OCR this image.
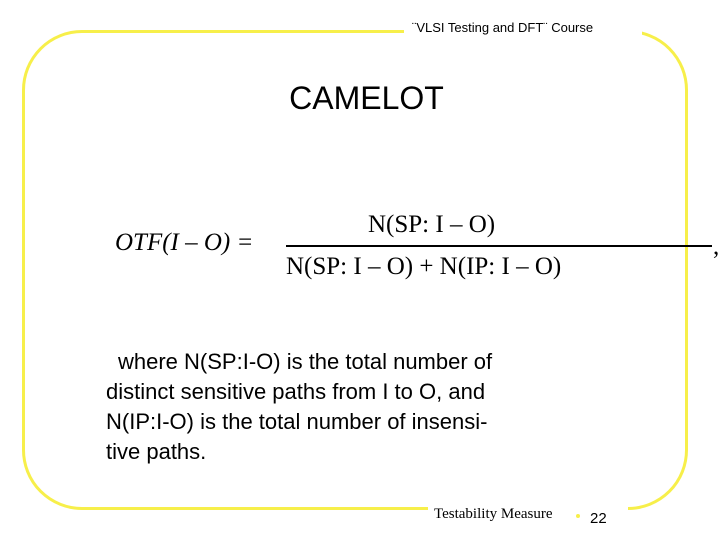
¨VLSI Testing and DFT¨ Course
CAMELOT
OTF(I – O) =
N(SP: I – O)
N(SP: I – O) + N(IP: I – O)
,
where N(SP:I-O) is the total number of
distinct sensitive paths from I to O, and
N(IP:I-O) is the total number of insensi-
tive paths.
Testability Measure	22
